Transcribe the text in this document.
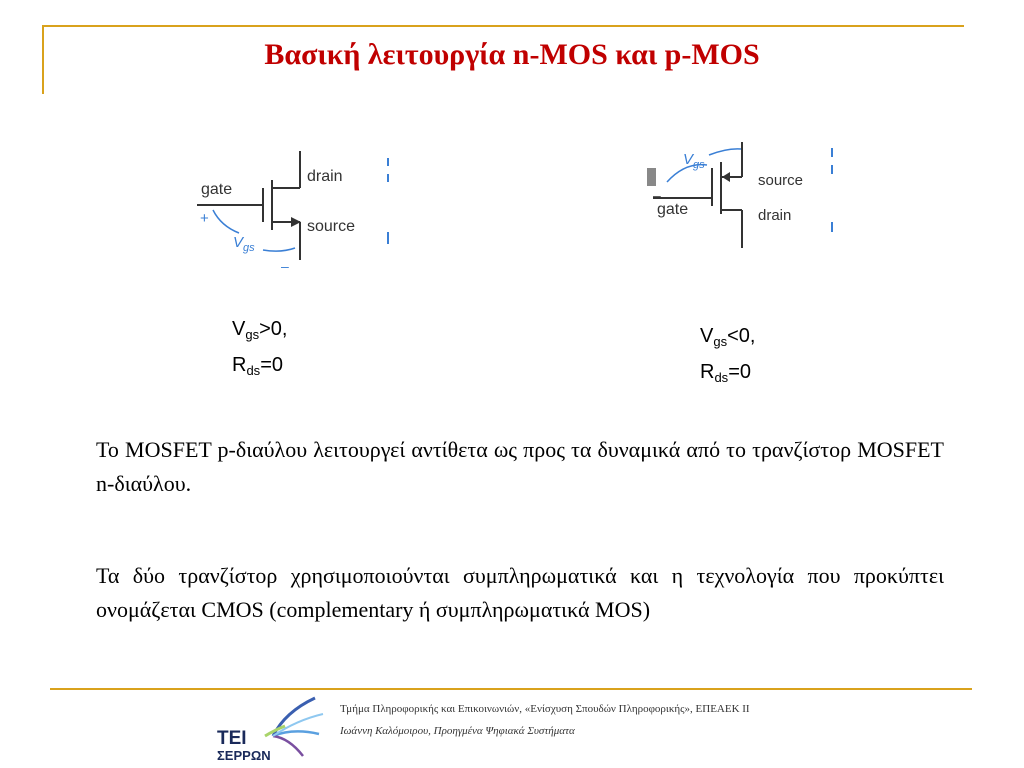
Βασική λειτουργία n-MOS και p-MOS
gate
drain
source
+
$V_{gs}$
–
$V_{gs}$
–
gate
source
drain
$V_{gs}>0$,
$R_{ds}=0$
$V_{gs}<0$,
$R_{ds}=0$
Το MOSFET p-διαύλου λειτουργεί αντίθετα ως προς τα δυναμικά από το τρανζίστορ MOSFET n-διαύλου.
Τα δύο τρανζίστορ χρησιμοποιούνται συμπληρωματικά και η τεχνολογία που προκύπτει ονομάζεται CMOS (complementary ή συμπληρωματικά MOS)
ΤΕΙ
ΣΕΡΡΩΝ
Τμήμα Πληροφορικής και Επικοινωνιών, «Ενίσχυση Σπουδών Πληροφορικής», ΕΠΕΑΕΚ ΙΙ
Ιωάννη Καλόμοιρου, Προηγμένα Ψηφιακά Συστήματα
